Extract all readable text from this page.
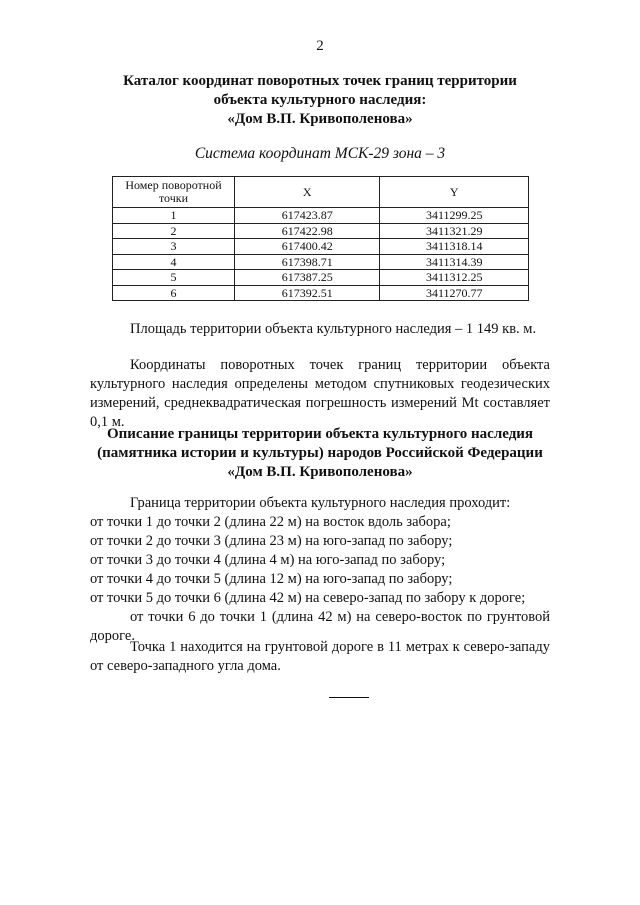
2
Каталог координат поворотных точек границ территории
объекта культурного наследия:
«Дом В.П. Кривополенова»
Система координат МСК-29 зона – 3
Номер поворотной точки	X	Y
1	617423.87	3411299.25
2	617422.98	3411321.29
3	617400.42	3411318.14
4	617398.71	3411314.39
5	617387.25	3411312.25
6	617392.51	3411270.77
Площадь территории объекта культурного наследия – 1 149 кв. м.
Координаты поворотных точек границ территории объекта культурного наследия определены методом спутниковых геодезических измерений, среднеквадратическая погрешность измерений Mt составляет 0,1 м.
Описание границы территории объекта культурного наследия
(памятника истории и культуры) народов Российской Федерации
«Дом В.П. Кривополенова»
Граница территории объекта культурного наследия проходит:
от точки 1 до точки 2 (длина 22 м) на восток вдоль забора;
от точки 2 до точки 3 (длина 23 м) на юго-запад по забору;
от точки 3 до точки 4 (длина 4 м) на юго-запад по забору;
от точки 4 до точки 5 (длина 12 м) на юго-запад по забору;
от точки 5 до точки 6 (длина 42 м) на северо-запад по забору к дороге;
от точки 6 до точки 1 (длина 42 м) на северо-восток по грунтовой дороге.
Точка 1 находится на грунтовой дороге в 11 метрах к северо-западу от северо-западного угла дома.
